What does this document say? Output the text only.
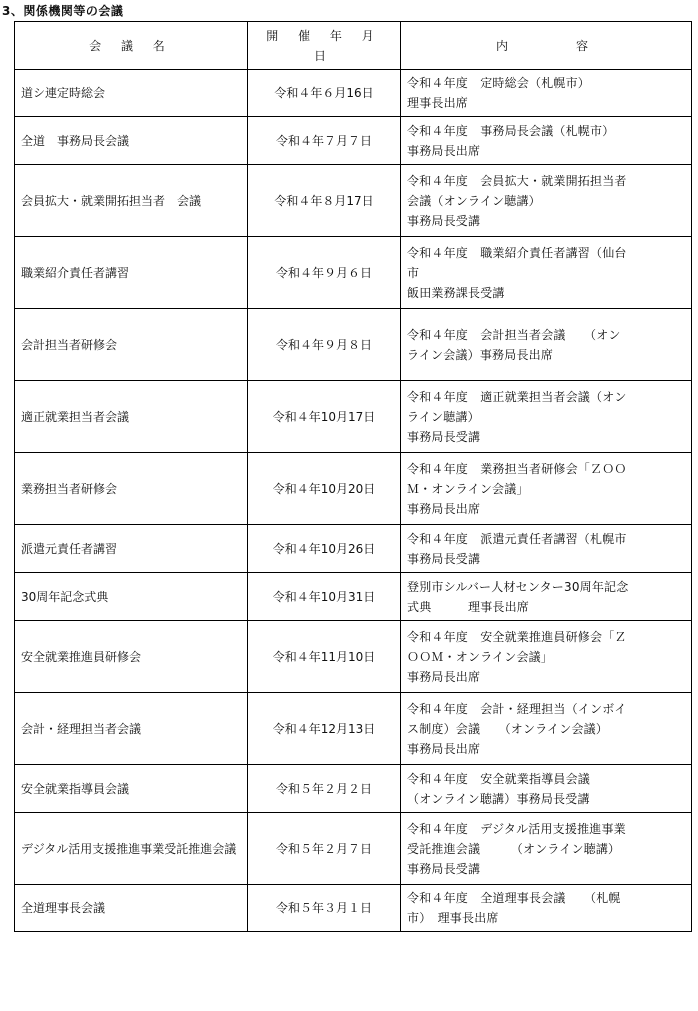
3、関係機関等の会議
会 議 名	開 催 年 月 日	内　　　容
道シ連定時総会	令和４年６月16日	令和４年度　定時総会（札幌市）
理事長出席

全道　事務局長会議	令和４年７月７日	令和４年度　事務局長会議（札幌市）
事務局長出席

会員拡大・就業開拓担当者　会議	令和４年８月17日	令和４年度　会員拡大・就業開拓担当者
会議（オンライン聴講）
事務局長受講

職業紹介責任者講習	令和４年９月６日	令和４年度　職業紹介責任者講習（仙台
市
飯田業務課長受講

会計担当者研修会	令和４年９月８日	令和４年度　会計担当者会議　　（オン
ライン会議）事務局長出席

適正就業担当者会議	令和４年10月17日	令和４年度　適正就業担当者会議（オン
ライン聴講）
事務局長受講

業務担当者研修会	令和４年10月20日	令和４年度　業務担当者研修会「ＺＯＯ
Ｍ・オンライン会議」
事務局長出席

派遣元責任者講習	令和４年10月26日	令和４年度　派遣元責任者講習（札幌市
事務局長受講

30周年記念式典	令和４年10月31日	登別市シルバー人材センター30周年記念
式典　　　理事長出席

安全就業推進員研修会	令和４年11月10日	令和４年度　安全就業推進員研修会「Ｚ
ＯＯＭ・オンライン会議」
事務局長出席

会計・経理担当者会議	令和４年12月13日	令和４年度　会計・経理担当（インボイ
ス制度）会議　　（オンライン会議）
事務局長出席

安全就業指導員会議	令和５年２月２日	令和４年度　安全就業指導員会議
（オンライン聴講）事務局長受講

デジタル活用支援推進事業受託推進会議	令和５年２月７日	令和４年度　デジタル活用支援推進事業
受託推進会議　　　（オンライン聴講）
事務局長受講

全道理事長会議	令和５年３月１日	令和４年度　全道理事長会議　　（札幌
市）　理事長出席
